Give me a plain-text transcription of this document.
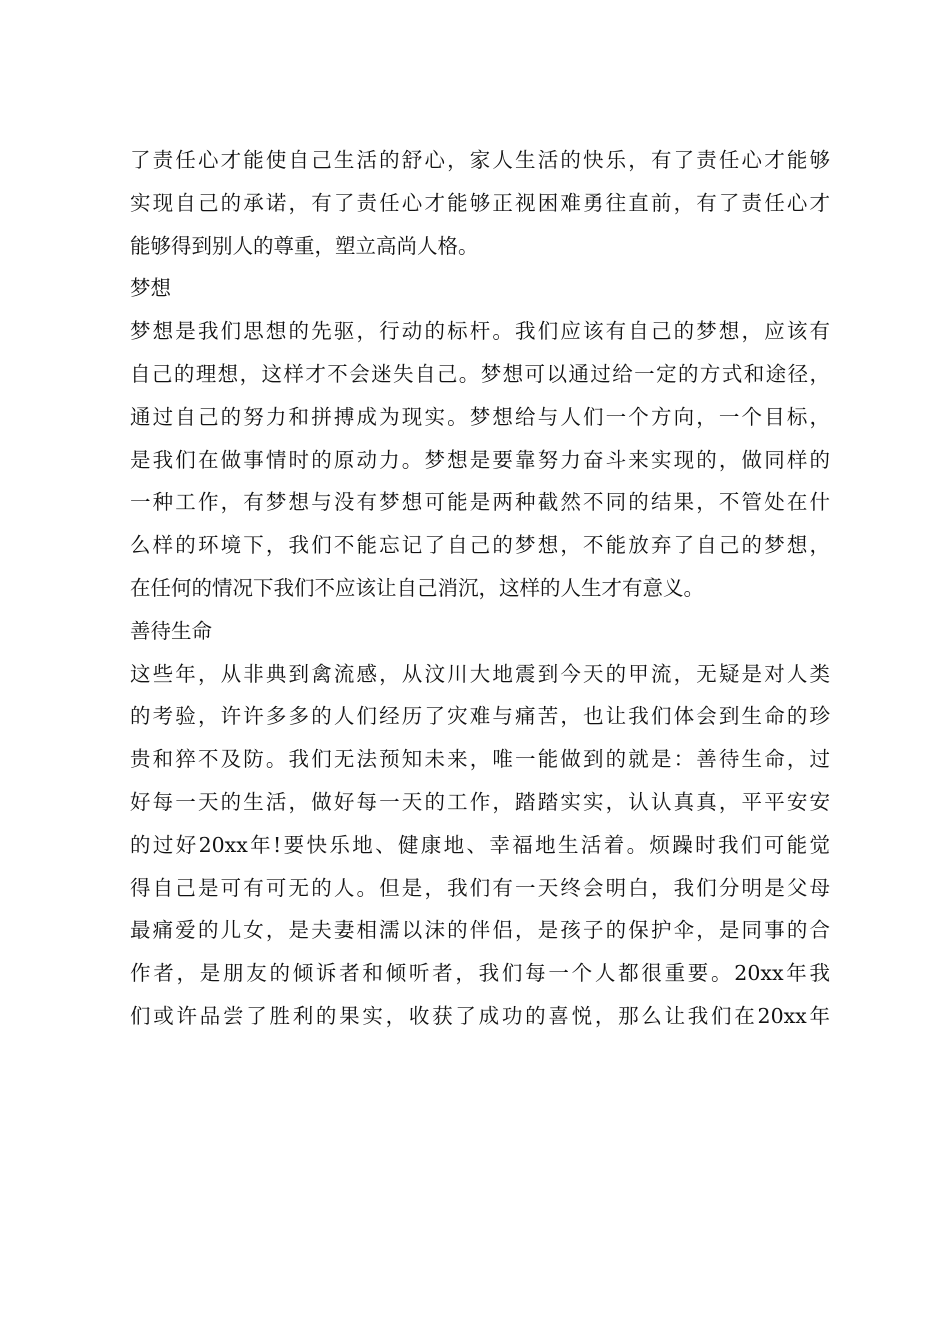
了责任心才能使自己生活的舒心，家人生活的快乐，有了责任心才能够
实现自己的承诺，有了责任心才能够正视困难勇往直前，有了责任心才
能够得到别人的尊重，塑立高尚人格。
梦想
梦想是我们思想的先驱，行动的标杆。我们应该有自己的梦想，应该有
自己的理想，这样才不会迷失自己。梦想可以通过给一定的方式和途径，
通过自己的努力和拼搏成为现实。梦想给与人们一个方向，一个目标，
是我们在做事情时的原动力。梦想是要靠努力奋斗来实现的，做同样的
一种工作，有梦想与没有梦想可能是两种截然不同的结果，不管处在什
么样的环境下，我们不能忘记了自己的梦想，不能放弃了自己的梦想，
在任何的情况下我们不应该让自己消沉，这样的人生才有意义。
善待生命
这些年，从非典到禽流感，从汶川大地震到今天的甲流，无疑是对人类
的考验，许许多多的人们经历了灾难与痛苦，也让我们体会到生命的珍
贵和猝不及防。我们无法预知未来，唯一能做到的就是：善待生命，过
好每一天的生活，做好每一天的工作，踏踏实实，认认真真，平平安安
的过好20xx年!要快乐地、健康地、幸福地生活着。烦躁时我们可能觉
得自己是可有可无的人。但是，我们有一天终会明白，我们分明是父母
最痛爱的儿女，是夫妻相濡以沫的伴侣，是孩子的保护伞，是同事的合
作者，是朋友的倾诉者和倾听者，我们每一个人都很重要。20xx年我
们或许品尝了胜利的果实，收获了成功的喜悦，那么让我们在20xx年
